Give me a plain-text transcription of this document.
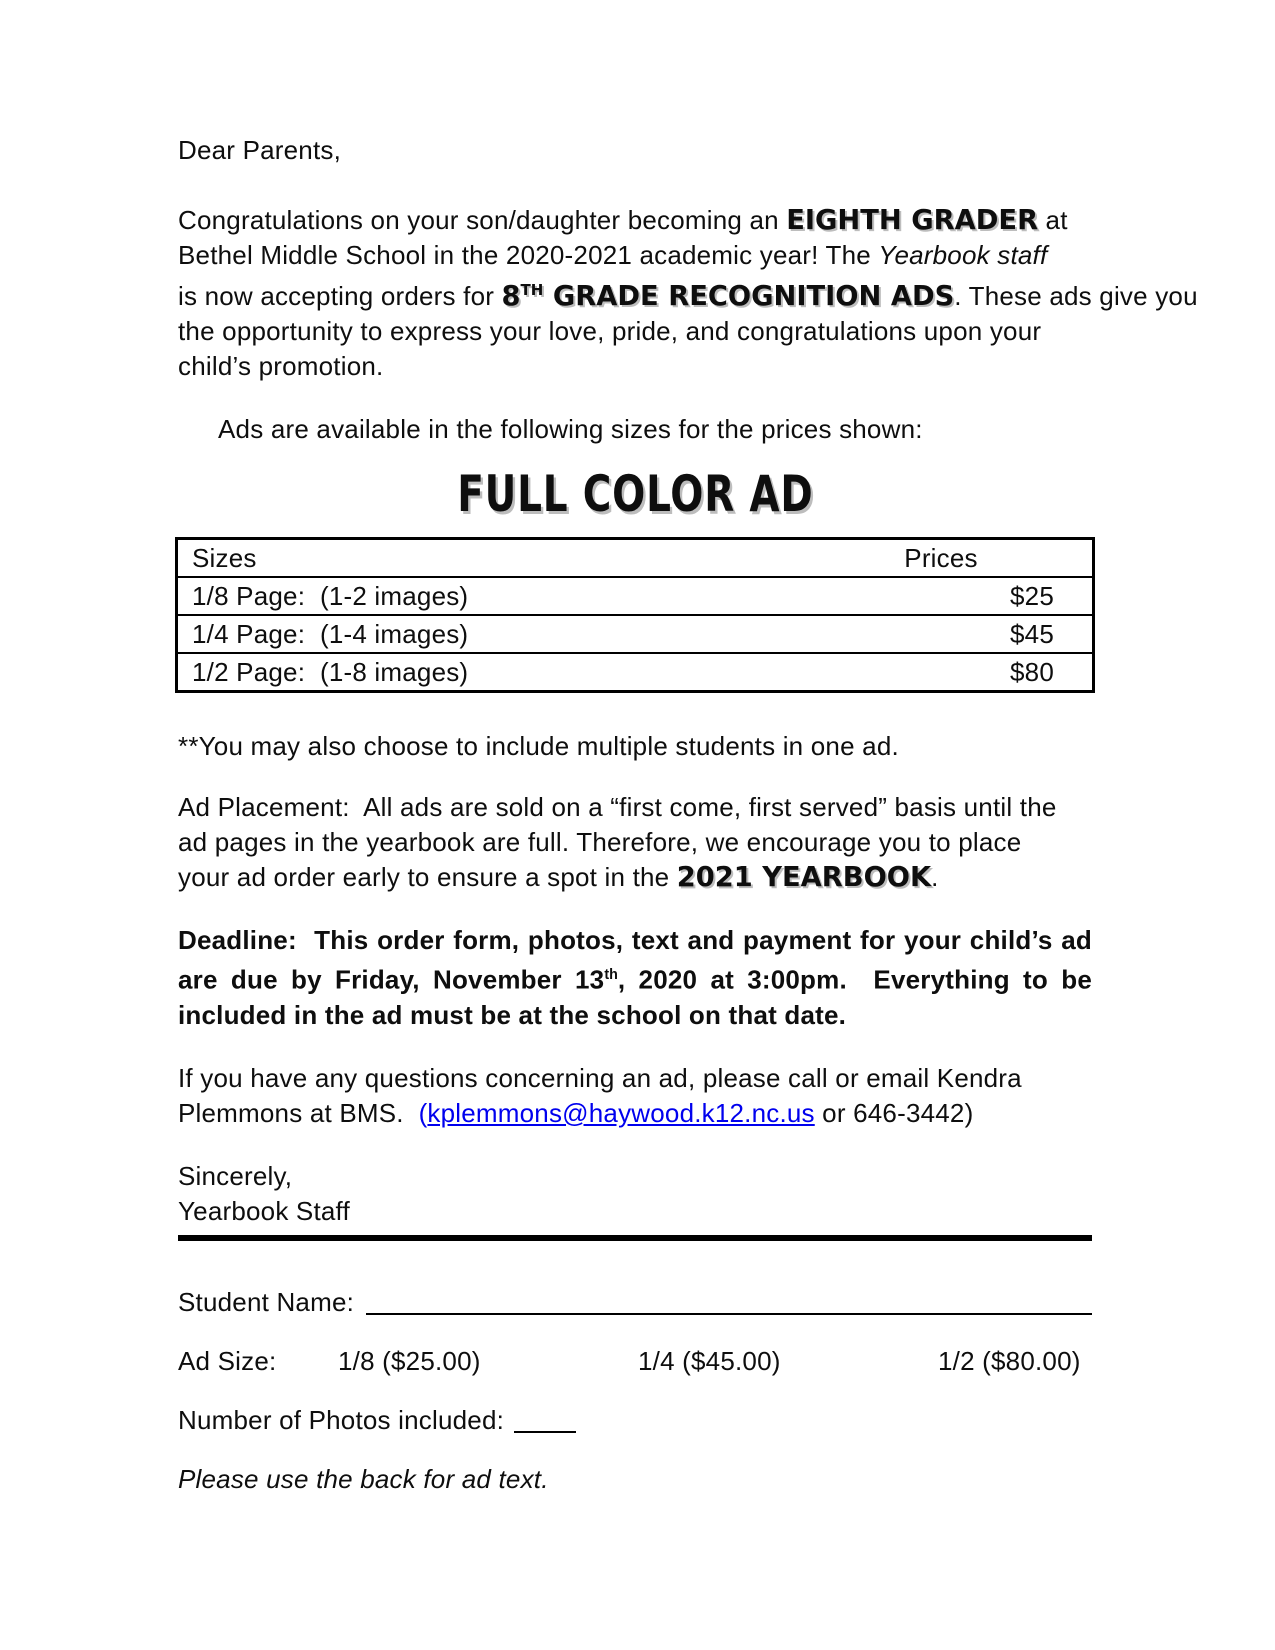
Dear Parents,
Congratulations on your son/daughter becoming an EIGHTH GRADER at
Bethel Middle School in the 2020-2021 academic year! The Yearbook staff
is now accepting orders for 8TH GRADE RECOGNITION ADS. These ads give you
the opportunity to express your love, pride, and congratulations upon your
child’s promotion.
Ads are available in the following sizes for the prices shown:
FULL COLOR AD
Sizes	Prices
1/8 Page:  (1-2 images)	$25
1/4 Page:  (1-4 images)	$45
1/2 Page:  (1-8 images)	$80
**You may also choose to include multiple students in one ad.
Ad Placement:  All ads are sold on a “first come, first served” basis until the
ad pages in the yearbook are full. Therefore, we encourage you to place
your ad order early to ensure a spot in the 2021 YEARBOOK.
Deadline:  This order form, photos, text and payment for your child’s ad
are due by Friday, November 13th, 2020 at 3:00pm.  Everything to be
included in the ad must be at the school on that date.
If you have any questions concerning an ad, please call or email Kendra
Plemmons at BMS.  (kplemmons@haywood.k12.nc.us or 646-3442)
Sincerely,
Yearbook Staff
Student Name:
Ad Size:	1/8 ($25.00)	1/4 ($45.00)	1/2 ($80.00)
Number of Photos included:
Please use the back for ad text.
